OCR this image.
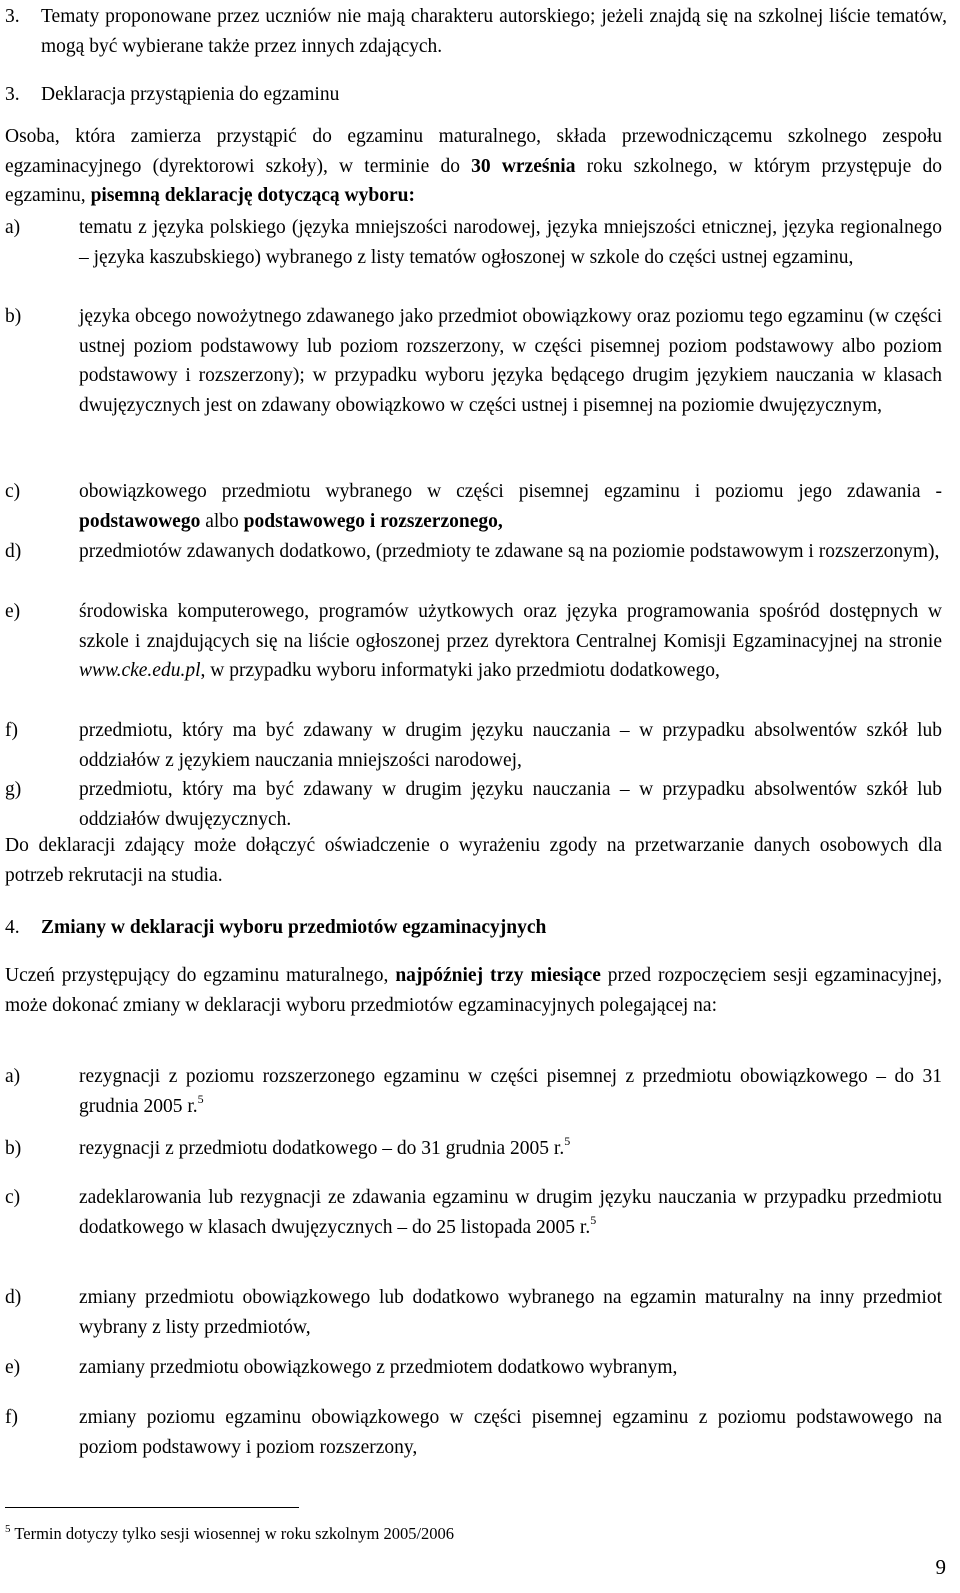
3. Tematy proponowane przez uczniów nie mają charakteru autorskiego; jeżeli znajdą się na szkolnej liście tematów, mogą być wybierane także przez innych zdających.
3. Deklaracja przystąpienia do egzaminu
Osoba, która zamierza przystąpić do egzaminu maturalnego, składa przewodniczącemu szkolnego zespołu egzaminacyjnego (dyrektorowi szkoły), w terminie do 30 września roku szkolnego, w którym przystępuje do egzaminu, pisemną deklarację dotyczącą wyboru:
a)	tematu z języka polskiego (języka mniejszości narodowej, języka mniejszości etnicznej, języka regionalnego – języka kaszubskiego) wybranego z listy tematów ogłoszonej w szkole do części ustnej egzaminu,
b)	języka obcego nowożytnego zdawanego jako przedmiot obowiązkowy oraz poziomu tego egzaminu (w części ustnej poziom podstawowy lub poziom rozszerzony, w części pisemnej poziom podstawowy albo poziom podstawowy i rozszerzony); w przypadku wyboru języka będącego drugim językiem nauczania w klasach dwujęzycznych jest on zdawany obowiązkowo w części ustnej i pisemnej na poziomie dwujęzycznym,
c)	obowiązkowego przedmiotu wybranego w części pisemnej egzaminu i poziomu jego zdawania - podstawowego albo podstawowego i rozszerzonego,
d)	przedmiotów zdawanych dodatkowo, (przedmioty te zdawane są na poziomie podstawowym i rozszerzonym),
e)	środowiska komputerowego, programów użytkowych oraz języka programowania spośród dostępnych w szkole i znajdujących się na liście ogłoszonej przez dyrektora Centralnej Komisji Egzaminacyjnej na stronie www.cke.edu.pl, w przypadku wyboru informatyki jako przedmiotu dodatkowego,
f)	przedmiotu, który ma być zdawany w drugim języku nauczania – w przypadku absolwentów szkół lub oddziałów z językiem nauczania mniejszości narodowej,
g)	przedmiotu, który ma być zdawany w drugim języku nauczania – w przypadku absolwentów szkół lub oddziałów dwujęzycznych.
Do deklaracji zdający może dołączyć oświadczenie o wyrażeniu zgody na przetwarzanie danych osobowych dla potrzeb rekrutacji na studia.
4. Zmiany w deklaracji wyboru przedmiotów egzaminacyjnych
Uczeń przystępujący do egzaminu maturalnego, najpóźniej trzy miesiące przed rozpoczęciem sesji egzaminacyjnej, może dokonać zmiany w deklaracji wyboru przedmiotów egzaminacyjnych polegającej na:
a)	rezygnacji z poziomu rozszerzonego egzaminu w części pisemnej z przedmiotu obowiązkowego – do 31 grudnia 2005 r.$^5$
b)	rezygnacji z przedmiotu dodatkowego – do 31 grudnia 2005 r.$^5$
c)	zadeklarowania lub rezygnacji ze zdawania egzaminu w drugim języku nauczania w przypadku przedmiotu dodatkowego w klasach dwujęzycznych – do 25 listopada 2005 r.$^5$
d)	zmiany przedmiotu obowiązkowego lub dodatkowo wybranego na egzamin maturalny na inny przedmiot wybrany z listy przedmiotów,
e)	zamiany przedmiotu obowiązkowego z przedmiotem dodatkowo wybranym,
f)	zmiany poziomu egzaminu obowiązkowego w części pisemnej egzaminu z poziomu podstawowego na poziom podstawowy i poziom rozszerzony,
$^5$ Termin dotyczy tylko sesji wiosennej w roku szkolnym 2005/2006
9
